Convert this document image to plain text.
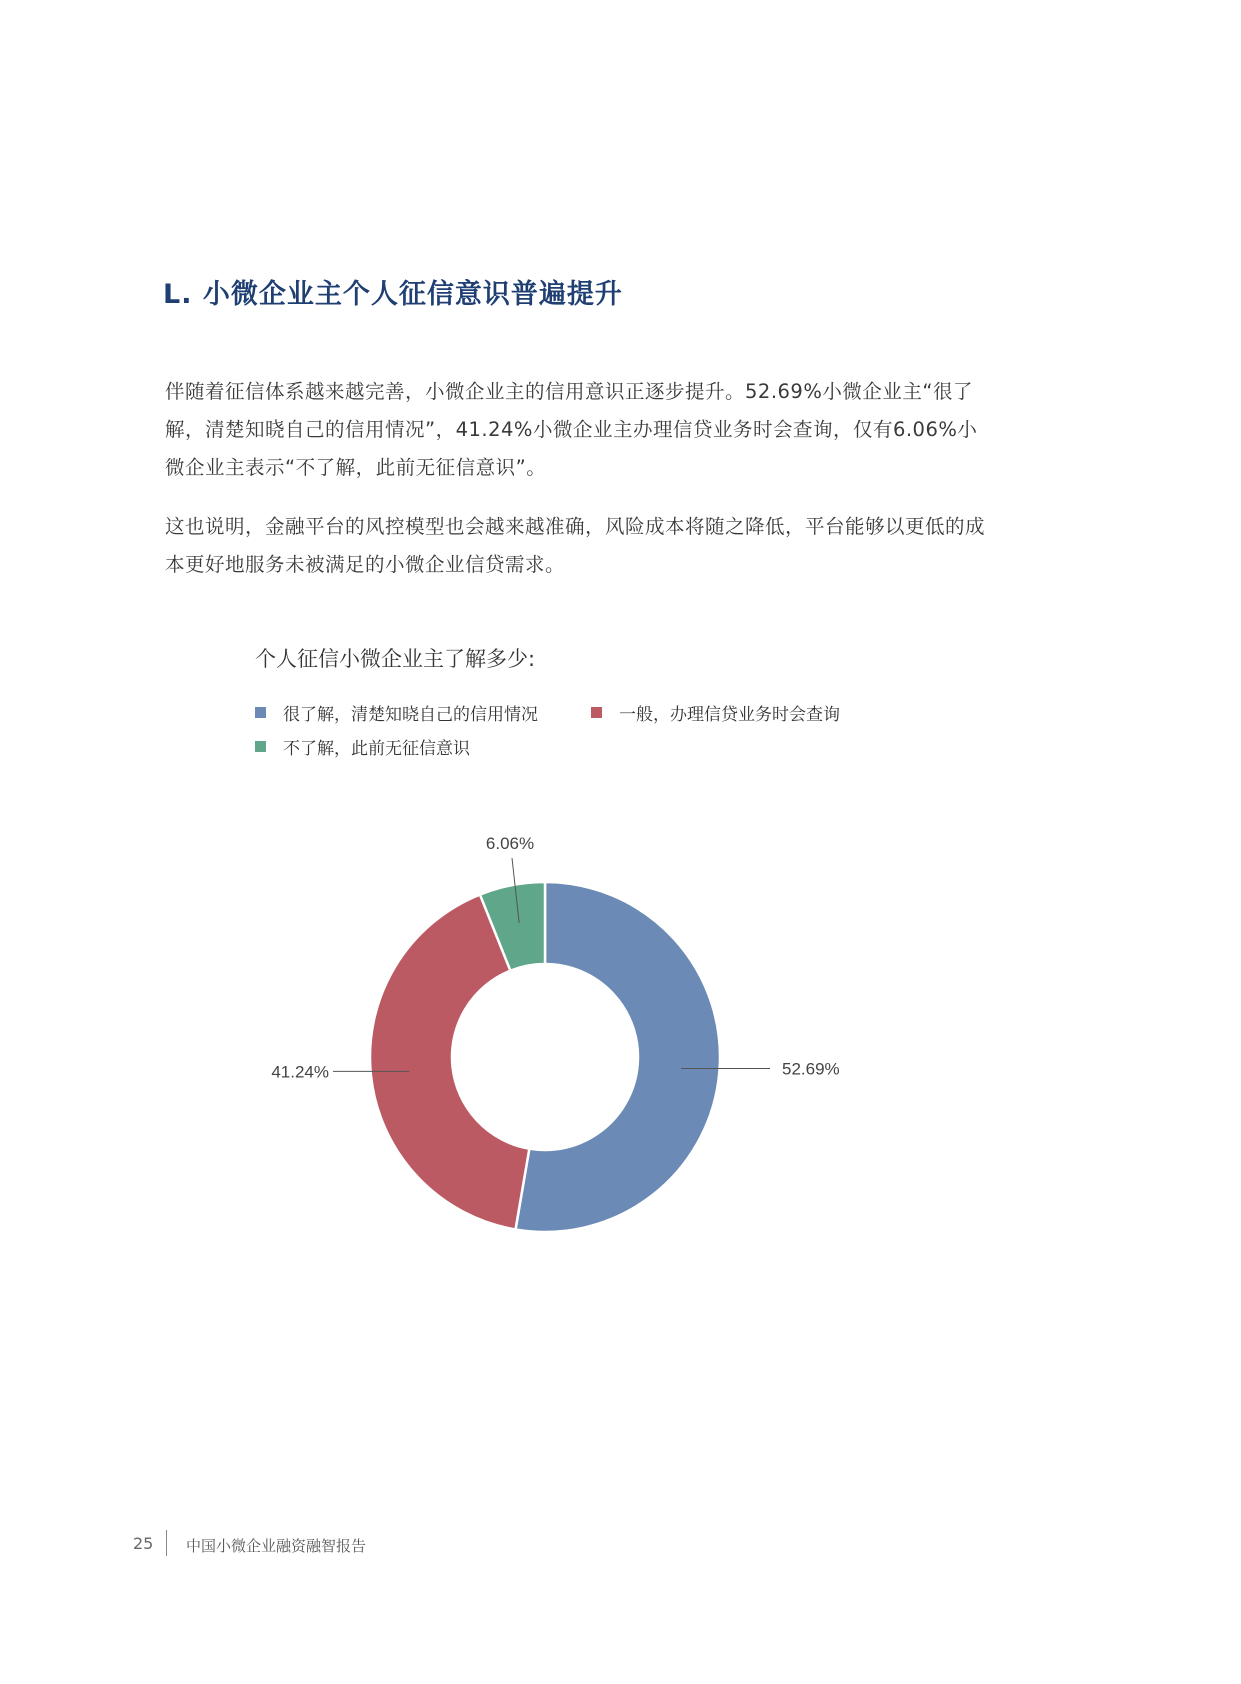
L. 小微企业主个人征信意识普遍提升

伴随着征信体系越来越完善，小微企业主的信用意识正逐步提升。52.69%小微企业主“很了解，清楚知晓自己的信用情况”，41.24%小微企业主办理信贷业务时会查询，仅有6.06%小微企业主表示“不了解，此前无征信意识”。

这也说明，金融平台的风控模型也会越来越准确，风险成本将随之降低，平台能够以更低的成本更好地服务未被满足的小微企业信贷需求。

个人征信小微企业主了解多少:
很了解，清楚知晓自己的信用情况	一般，办理信贷业务时会查询
不了解，此前无征信意识
52.69%
41.24%
6.06%
25 中国小微企业融资融智报告
